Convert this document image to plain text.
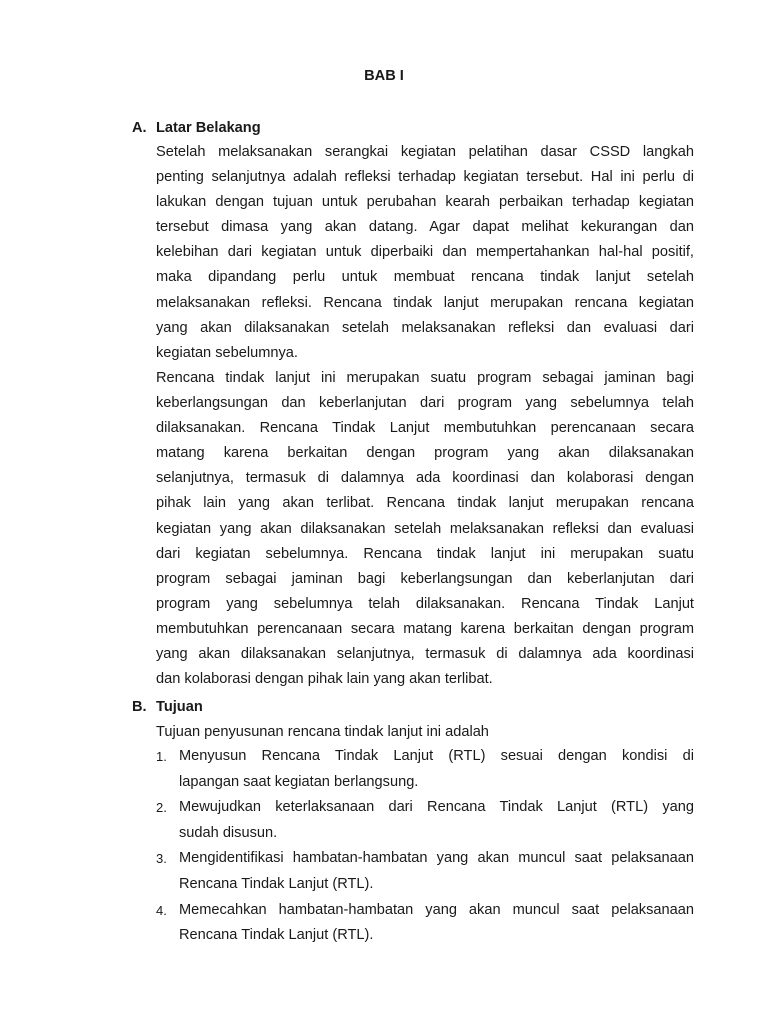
BAB I
A. Latar Belakang
Setelah melaksanakan serangkai kegiatan pelatihan dasar CSSD langkah
penting selanjutnya adalah refleksi terhadap kegiatan tersebut. Hal ini perlu di
lakukan dengan tujuan untuk perubahan kearah perbaikan terhadap kegiatan
tersebut dimasa yang akan datang. Agar dapat melihat kekurangan dan
kelebihan dari kegiatan untuk diperbaiki dan mempertahankan hal-hal positif,
maka dipandang perlu untuk membuat rencana tindak lanjut setelah
melaksanakan refleksi. Rencana tindak lanjut merupakan rencana kegiatan
yang akan dilaksanakan setelah melaksanakan refleksi dan evaluasi dari
kegiatan sebelumnya.
Rencana tindak lanjut ini merupakan suatu program sebagai jaminan bagi
keberlangsungan dan keberlanjutan dari program yang sebelumnya telah
dilaksanakan. Rencana Tindak Lanjut membutuhkan perencanaan secara
matang karena berkaitan dengan program yang akan dilaksanakan
selanjutnya, termasuk di dalamnya ada koordinasi dan kolaborasi dengan
pihak lain yang akan terlibat. Rencana tindak lanjut merupakan rencana
kegiatan yang akan dilaksanakan setelah melaksanakan refleksi dan evaluasi
dari kegiatan sebelumnya. Rencana tindak lanjut ini merupakan suatu
program sebagai jaminan bagi keberlangsungan dan keberlanjutan dari
program yang sebelumnya telah dilaksanakan. Rencana Tindak Lanjut
membutuhkan perencanaan secara matang karena berkaitan dengan program
yang akan dilaksanakan selanjutnya, termasuk di dalamnya ada koordinasi
dan kolaborasi dengan pihak lain yang akan terlibat.
B. Tujuan
Tujuan penyusunan rencana tindak lanjut ini adalah
1. Menyusun Rencana Tindak Lanjut (RTL) sesuai dengan kondisi di
lapangan saat kegiatan berlangsung.
2. Mewujudkan keterlaksanaan dari Rencana Tindak Lanjut (RTL) yang
sudah disusun.
3. Mengidentifikasi hambatan-hambatan yang akan muncul saat pelaksanaan
Rencana Tindak Lanjut (RTL).
4. Memecahkan hambatan-hambatan yang akan muncul saat pelaksanaan
Rencana Tindak Lanjut (RTL).
